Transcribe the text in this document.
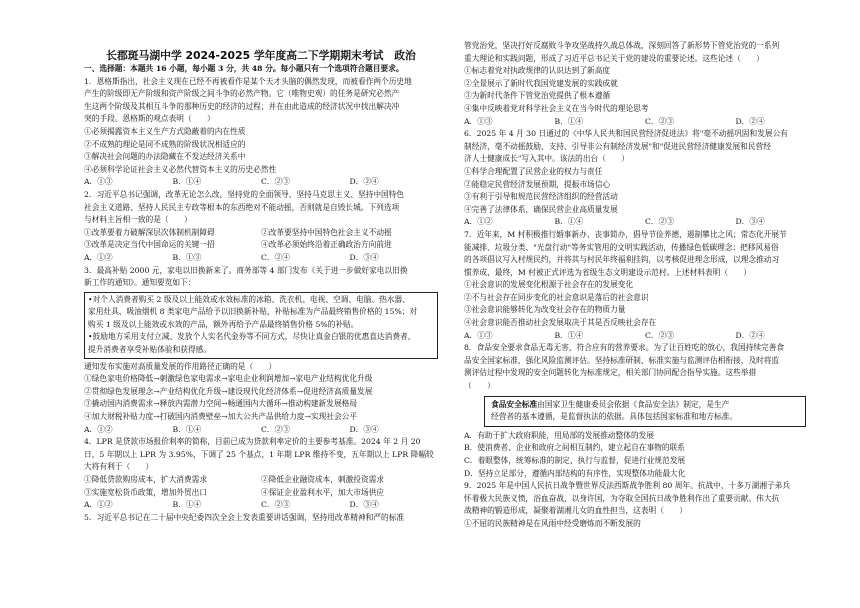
长郡斑马湖中学 2024-2025 学年度高二下学期期末考试　政治
一、选择题：本题共 16 小题，每小题 3 分，共 48 分。每小题只有一个选项符合题目要求。
1．恩格斯指出，社会主义现在已经不再被看作是某个天才头脑的偶然发现，而被看作两个历史地
产生的阶级即无产阶级和资产阶级之间斗争的必然产物。它（唯物史观）的任务是研究必然产
生这两个阶级及其相互斗争的那种历史的经济的过程；并在由此造成的经济状况中找出解决冲
突的手段。恩格斯的观点表明（　　）
①必须揭露资本主义生产方式隐蔽着的内在性质
②不成熟的理论是同不成熟的阶级状况相适应的
③解决社会问题的办法隐藏在不发达经济关系中
④必须科学论证社会主义必然代替资本主义的历史必然性
A．①③	B．①④	C．②③	D．②④
2．习近平总书记强调，改革无论怎么改，坚持党的全面领导、坚持马克思主义、坚持中国特色
社会主义道路、坚持人民民主专政等根本的东西绝对不能动摇，否则就是自毁长城。下列选项
与材料主旨相一致的是（　　）
①改革要着力破解深层次体制机制障碍	②改革要坚持中国特色社会主义不动摇
③改革是决定当代中国命运的关键一招	④改革必须始终沿着正确政治方向前进
A．①②	B．①③	C．②④	D．③④
3．最高补贴 2000 元，家电以旧换新来了。商务部等 4 部门发布《关于进一步做好家电以旧换
新工作的通知》。通知要览如下：
•对个人消费者购买 2 级及以上能效或水效标准的冰箱、洗衣机、电视、空调、电脑、热水器、
家用灶具、吸油烟机 8 类家电产品给予以旧换新补贴，补贴标准为产品最终销售价格的 15%；对
购买 1 级及以上能效或水效的产品，额外再给予产品最终销售价格 5%的补贴。
•鼓励地方采用支付立减、发放个人实名代金券等不同方式，尽快让真金白银的优惠直达消费者，
提升消费者享受补贴体验和获得感。
通知发布实施对高质量发展的作用路径正确的是（　　）
①绿色家电价格降低→刺激绿色家电需求→家电企业利润增加→家电产业结构优化升级
②贯彻绿色发展理念→产业结构优化升级→建设现代化经济体系→促进经济高质量发展
③撬动国内消费需求→释放内需潜力空间→畅通国内大循环→推动构建新发展格局
④加大财税补贴力度→打破国内消费壁垒→加大公共产品供给力度→实现社会公平
A．①②	B．①④	C．②③	D．③④
4．LPR 是贷款市场报价利率的简称，目前已成为贷款利率定价的主要参考基准。2024 年 2 月 20
日，5 年期以上 LPR 为 3.95%，下调了 25 个基点，1 年期 LPR 维持不变，五年期以上 LPR 降幅较
大将有利于（　　）
①降低贷款购房成本，扩大消费需求	②降低企业融资成本，刺激投资需求
③实施宽松货币政策，增加外贸出口	④保证企业盈利水平，加大市场供应
A．①②	B．①④	C．②③	D．③④
5．习近平总书记在二十届中央纪委四次全会上发表重要讲话强调，坚持用改革精神和严的标准
管党治党，坚决打好反腐败斗争攻坚战持久战总体战，深刻回答了新形势下管党治党的一系列
重大理论和实践问题，形成了习近平总书记关于党的建设的重要论述。这些论述（　　）
①标志着党对执政规律的认识达到了新高度
②全景展示了新时代我国党建发展的实践成就
③为新时代条件下管党治党提供了根本遵循
④集中反映着党对科学社会主义在当今时代的理论思考
A．①③	B．①④	C．②③	D．②④
6．2025 年 4 月 30 日通过的《中华人民共和国民营经济促进法》将"毫不动摇巩固和发展公有
制经济，毫不动摇鼓励、支持、引导非公有制经济发展"和"促进民营经济健康发展和民营经
济人士健康成长"写入其中。该法的出台（　　）
①科学合理配置了民营企业的权力与责任
②能稳定民营经济发展预期，提振市场信心
③有利于引导和规范民营经济组织的经营活动
④完善了法律体系，确保民营企业高质量发展
A．①②	B．①④	C．②③	D．③④
7．近年来，M 村积极推行婚事新办、丧事简办，倡导节俭养德，遏制攀比之风；常态化开展节
能减排、垃圾分类、"光盘行动"等务实管用的文明实践活动，传播绿色低碳理念；把移风易俗
的各项倡议写入村规民约，并将其与村民年终福利挂钩，以考核促进理念形成，以理念推动习
惯养成，最终，M 村被正式评选为省级生态文明建设示范村。上述材料表明（　　）
①社会意识的发展变化根源于社会存在的发展变化
②不与社会存在同步变化的社会意识是落后的社会意识
③社会意识能够转化为改变社会存在的物质力量
④社会意识能否推动社会发展取决于其是否反映社会存在
A．①③	B．①④	C．②③	D．②④
8．食品安全要求食品无毒无害，符合应有的营养要求。为了让百姓吃的放心，我国持续完善食
品安全国家标准，强化风险监测评估。坚持标准研制、标准实施与监测评估相衔接，及时将监
测评估过程中发现的安全问题转化为标准规定，相关部门协同配合指导实施。这些举措
（　　）
食品安全标准由国家卫生健康委员会依据《食品安全法》制定，是生产
经营者的基本遵循，是监督执法的依据。具体包括国家标准和地方标准。
A．有助于扩大政府职能，用局部的发展推动整体的发展
B．使消费者、企业和政府之间相互制约，建立起自在事物的联系
C．着眼整体，统筹标准的制定、执行与监督，促进行业规范发展
D．坚持立足部分，遵循内部结构的有序性，实现整体功能最大化
9．2025 年是中国人民抗日战争暨世界反法西斯战争胜利 80 周年。抗战中，十多万湖湘子弟兵
怀着极大民族义愤，浴血奋战，以身许国，为夺取全国抗日战争胜利作出了重要贡献。伟大抗
战精神的锻造形成，凝聚着湖湘儿女的血性担当，这表明（　　）
①不屈的民族精神是在风雨中经受磨炼而不断发展的
